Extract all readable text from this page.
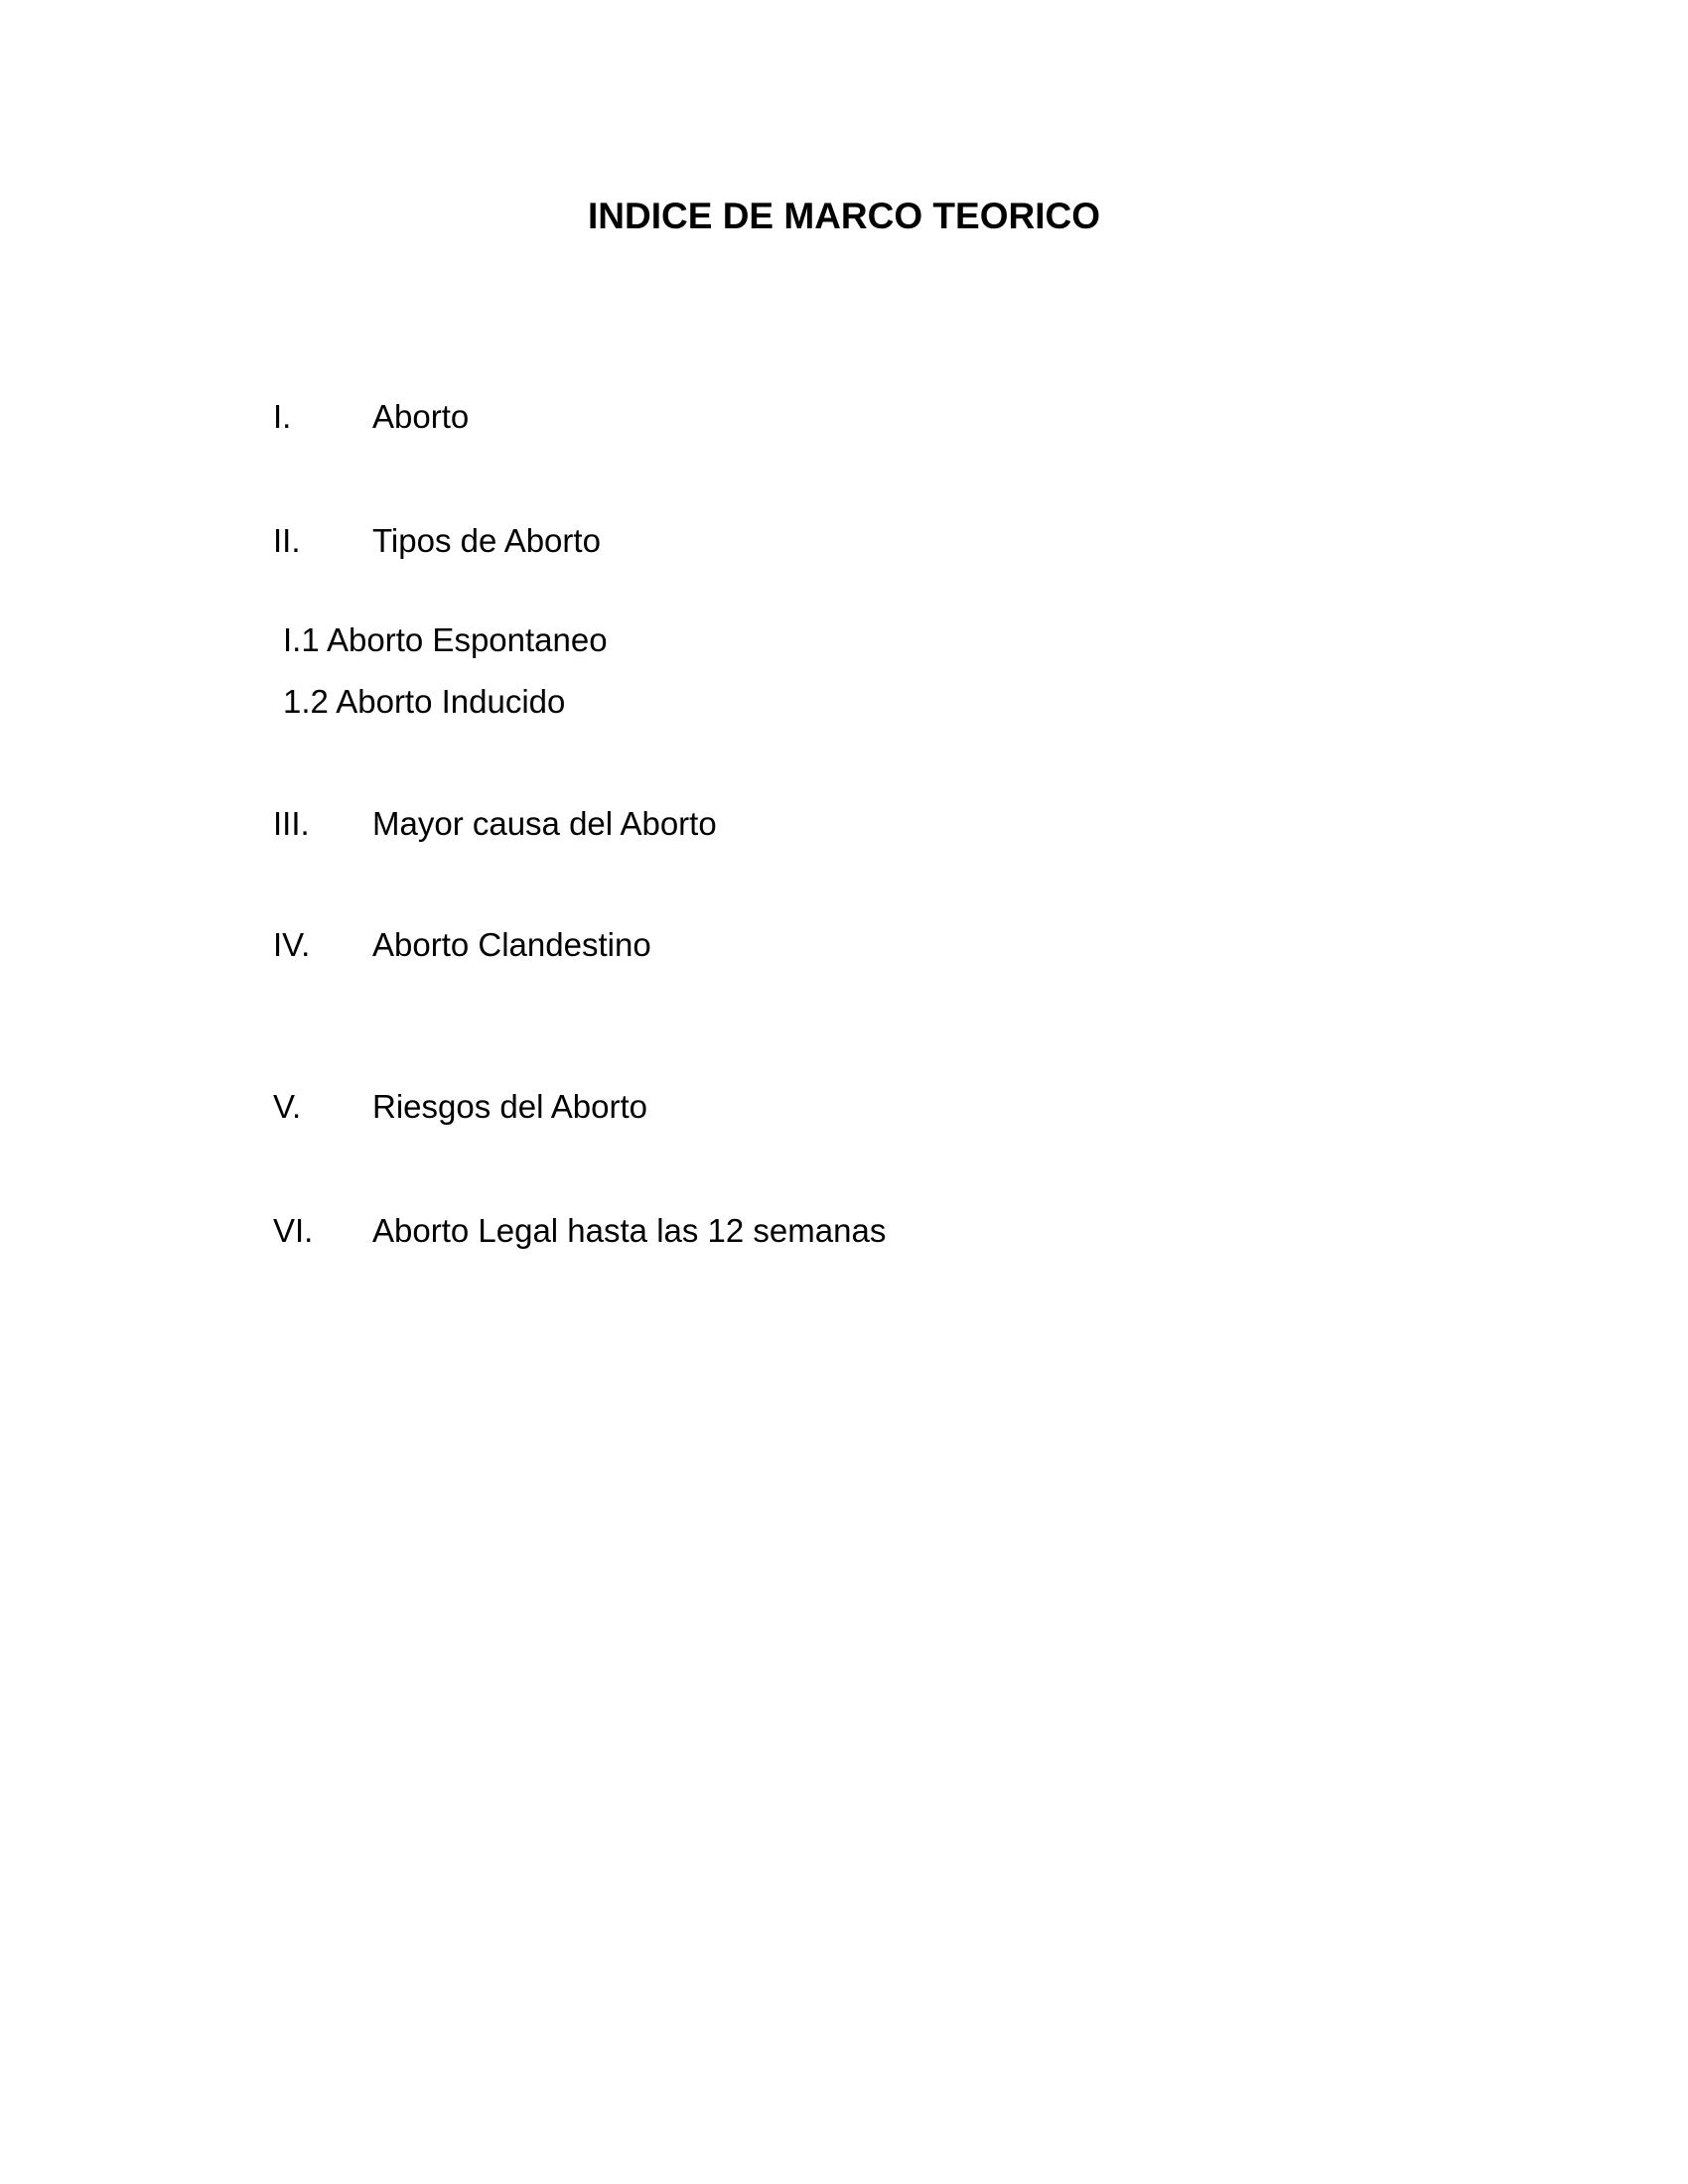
INDICE DE MARCO TEORICO
I. Aborto
II. Tipos de Aborto
I.1 Aborto Espontaneo
1.2 Aborto Inducido
III. Mayor causa del Aborto
IV. Aborto Clandestino
V. Riesgos del Aborto
VI. Aborto Legal hasta las 12 semanas
